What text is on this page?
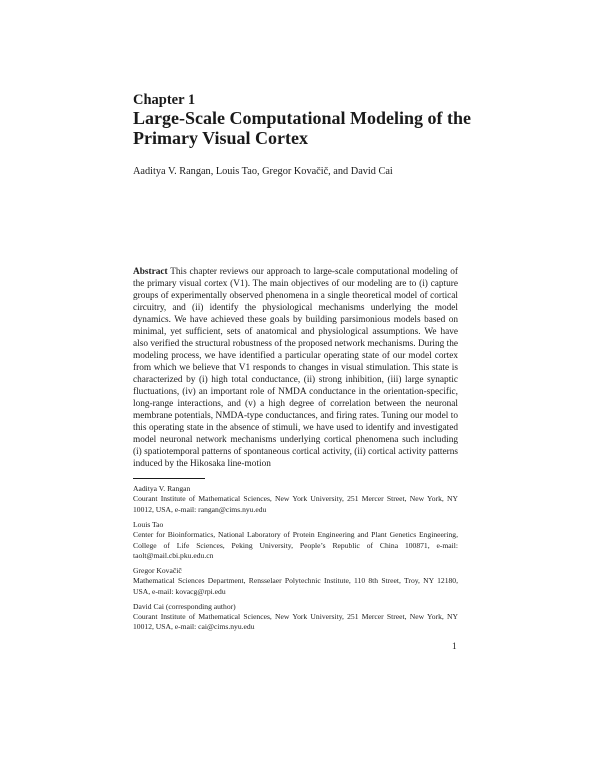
Chapter 1
Large-Scale Computational Modeling of the Primary Visual Cortex

Aaditya V. Rangan, Louis Tao, Gregor Kovačič, and David Cai

Abstract This chapter reviews our approach to large-scale computational modeling of the primary visual cortex (V1). The main objectives of our modeling are to (i) capture groups of experimentally observed phenomena in a single theoretical model of cortical circuitry, and (ii) identify the physiological mechanisms underlying the model dynamics. We have achieved these goals by building parsimonious models based on minimal, yet sufficient, sets of anatomical and physiological assumptions. We have also verified the structural robustness of the proposed network mechanisms. During the modeling process, we have identified a particular operating state of our model cortex from which we believe that V1 responds to changes in visual stimulation. This state is characterized by (i) high total conductance, (ii) strong inhibition, (iii) large synaptic fluctuations, (iv) an important role of NMDA conductance in the orientation-specific, long-range interactions, and (v) a high degree of correlation between the neuronal membrane potentials, NMDA-type conductances, and firing rates. Tuning our model to this operating state in the absence of stimuli, we have used to identify and investigated model neuronal network mechanisms underlying cortical phenomena such including (i) spatiotemporal patterns of spontaneous cortical activity, (ii) cortical activity patterns induced by the Hikosaka line-motion

Aaditya V. Rangan
Courant Institute of Mathematical Sciences, New York University, 251 Mercer Street, New York, NY 10012, USA, e-mail: rangan@cims.nyu.edu
Louis Tao
Center for Bioinformatics, National Laboratory of Protein Engineering and Plant Genetics Engineering, College of Life Sciences, Peking University, People’s Republic of China 100871, e-mail: taolt@mail.cbi.pku.edu.cn
Gregor Kovačič
Mathematical Sciences Department, Rensselaer Polytechnic Institute, 110 8th Street, Troy, NY 12180, USA, e-mail: kovacg@rpi.edu
David Cai (corresponding author)
Courant Institute of Mathematical Sciences, New York University, 251 Mercer Street, New York, NY 10012, USA, e-mail: cai@cims.nyu.edu

1
